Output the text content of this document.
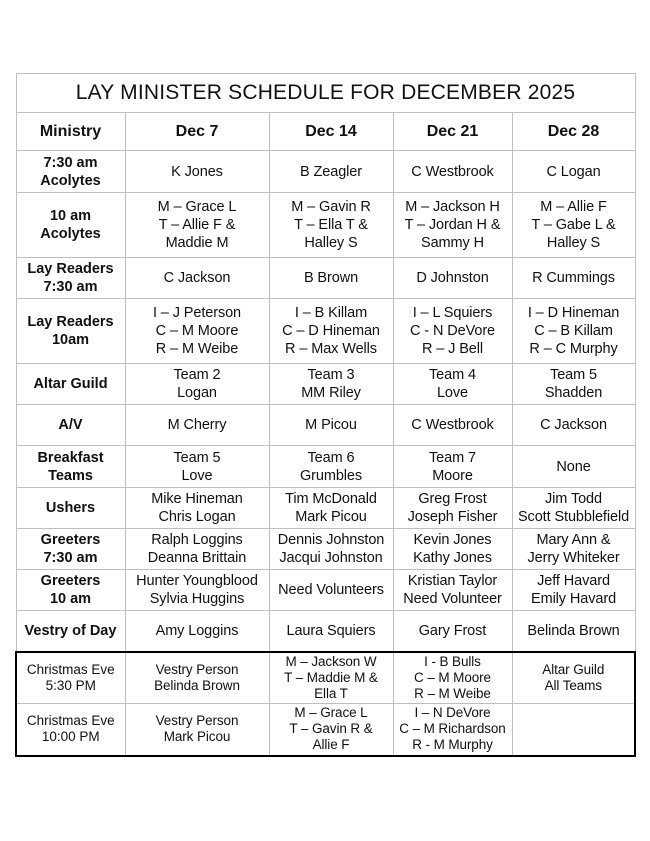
LAY MINISTER SCHEDULE FOR DECEMBER 2025				
Ministry	Dec 7	Dec 14	Dec 21	Dec 28

7:30 am
Acolytes	K Jones	B Zeagler	C Westbrook	C Logan

10 am
Acolytes	M – Grace L
T – Allie F &
Maddie M	M – Gavin R
T – Ella T &
Halley S	M – Jackson H
T – Jordan H &
Sammy H	M – Allie F
T – Gabe L &
Halley S

Lay Readers
7:30 am	C Jackson	B Brown	D Johnston	R Cummings

Lay Readers
10am	I – J Peterson
C – M Moore
R – M Weibe	I – B Killam
C – D Hineman
R – Max Wells	I – L Squiers
C - N DeVore
R – J Bell	I – D Hineman
C – B Killam
R – C Murphy

Altar Guild	Team 2
Logan	Team 3
MM Riley	Team 4
Love	Team 5
Shadden

A/V	M Cherry	M Picou	C Westbrook	C Jackson

Breakfast
Teams	Team 5
Love	Team 6
Grumbles	Team 7
Moore	None

Ushers	Mike Hineman
Chris Logan	Tim McDonald
Mark Picou	Greg Frost
Joseph Fisher	Jim Todd
Scott Stubblefield

Greeters
7:30 am	Ralph Loggins
Deanna Brittain	Dennis Johnston
Jacqui Johnston	Kevin Jones
Kathy Jones	Mary Ann &
Jerry Whiteker

Greeters
10 am	Hunter Youngblood
Sylvia Huggins	Need Volunteers	Kristian Taylor
Need Volunteer	Jeff Havard
Emily Havard

Vestry of Day	Amy Loggins	Laura Squiers	Gary Frost	Belinda Brown

Christmas Eve
5:30 PM	Vestry Person
Belinda Brown	M – Jackson W
T – Maddie M &
Ella T	I - B Bulls
C – M Moore
R – M Weibe	Altar Guild
All Teams

Christmas Eve
10:00 PM	Vestry Person
Mark Picou	M – Grace L
T – Gavin R &
Allie F	I – N DeVore
C – M Richardson
R - M Murphy	
